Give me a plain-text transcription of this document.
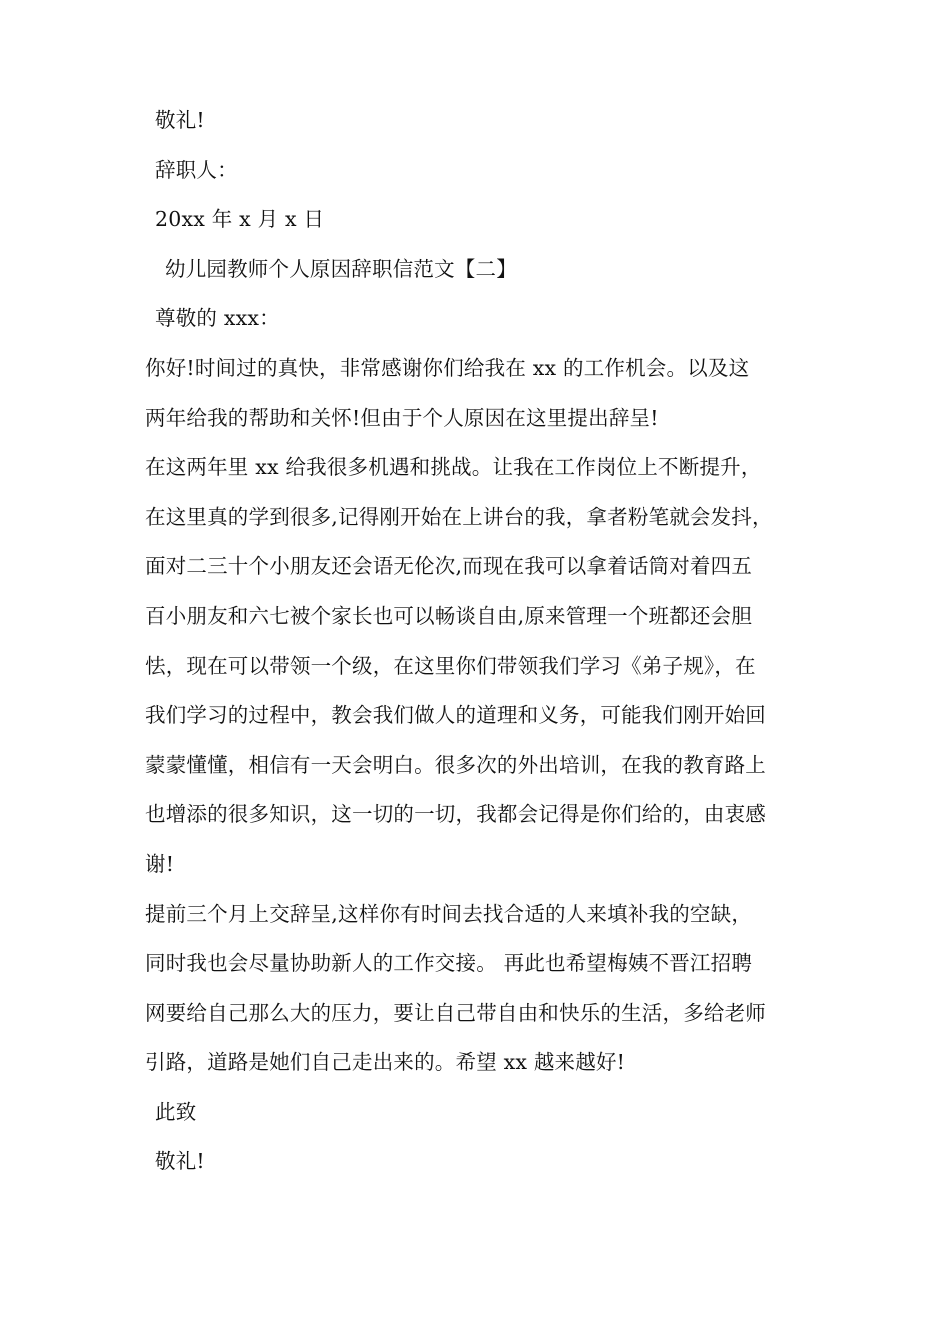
敬礼!
辞职人：
20xx 年 x 月 x 日
幼儿园教师个人原因辞职信范文【二】
尊敬的 xxx：
你好!时间过的真快，非常感谢你们给我在 xx 的工作机会。以及这
两年给我的帮助和关怀!但由于个人原因在这里提出辞呈!
在这两年里 xx 给我很多机遇和挑战。让我在工作岗位上不断提升，
在这里真的学到很多,记得刚开始在上讲台的我，拿者粉笔就会发抖，
面对二三十个小朋友还会语无伦次,而现在我可以拿着话筒对着四五
百小朋友和六七被个家长也可以畅谈自由,原来管理一个班都还会胆
怯，现在可以带领一个级，在这里你们带领我们学习《弟子规》，在
我们学习的过程中，教会我们做人的道理和义务，可能我们刚开始回
蒙蒙懂懂，相信有一天会明白。很多次的外出培训，在我的教育路上
也增添的很多知识，这一切的一切，我都会记得是你们给的，由衷感
谢!
提前三个月上交辞呈,这样你有时间去找合适的人来填补我的空缺，
同时我也会尽量协助新人的工作交接。 再此也希望梅姨不晋江招聘
网要给自己那么大的压力，要让自己带自由和快乐的生活，多给老师
引路，道路是她们自己走出来的。希望 xx 越来越好!
此致
敬礼!
